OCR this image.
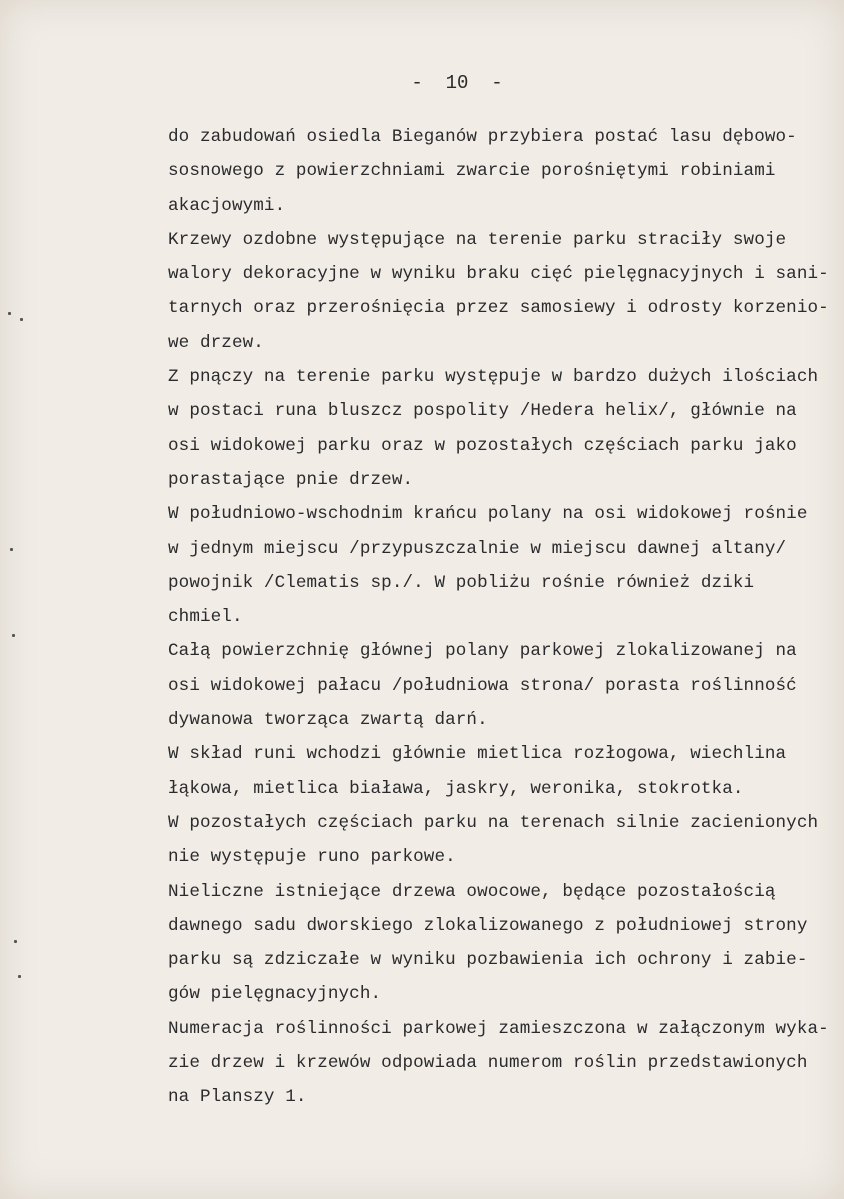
-  10  -
do zabudowań osiedla Bieganów przybiera postać lasu dębowo-
sosnowego z powierzchniami zwarcie porośniętymi robiniami
akacjowymi.
Krzewy ozdobne występujące na terenie parku straciły swoje
walory dekoracyjne w wyniku braku cięć pielęgnacyjnych i sani-
tarnych oraz przerośnięcia przez samosiewy i odrosty korzenio-
we drzew.
Z pnączy na terenie parku występuje w bardzo dużych ilościach
w postaci runa bluszcz pospolity /Hedera helix/, głównie na
osi widokowej parku oraz w pozostałych częściach parku jako
porastające pnie drzew.
W południowo-wschodnim krańcu polany na osi widokowej rośnie
w jednym miejscu /przypuszczalnie w miejscu dawnej altany/
powojnik /Clematis sp./. W pobliżu rośnie również dziki
chmiel.
Całą powierzchnię głównej polany parkowej zlokalizowanej na
osi widokowej pałacu /południowa strona/ porasta roślinność
dywanowa tworząca zwartą darń.
W skład runi wchodzi głównie mietlica rozłogowa, wiechlina
łąkowa, mietlica biaława, jaskry, weronika, stokrotka.
W pozostałych częściach parku na terenach silnie zacienionych
nie występuje runo parkowe.
Nieliczne istniejące drzewa owocowe, będące pozostałością
dawnego sadu dworskiego zlokalizowanego z południowej strony
parku są zdziczałe w wyniku pozbawienia ich ochrony i zabie-
gów pielęgnacyjnych.
Numeracja roślinności parkowej zamieszczona w załączonym wyka-
zie drzew i krzewów odpowiada numerom roślin przedstawionych
na Planszy 1.
